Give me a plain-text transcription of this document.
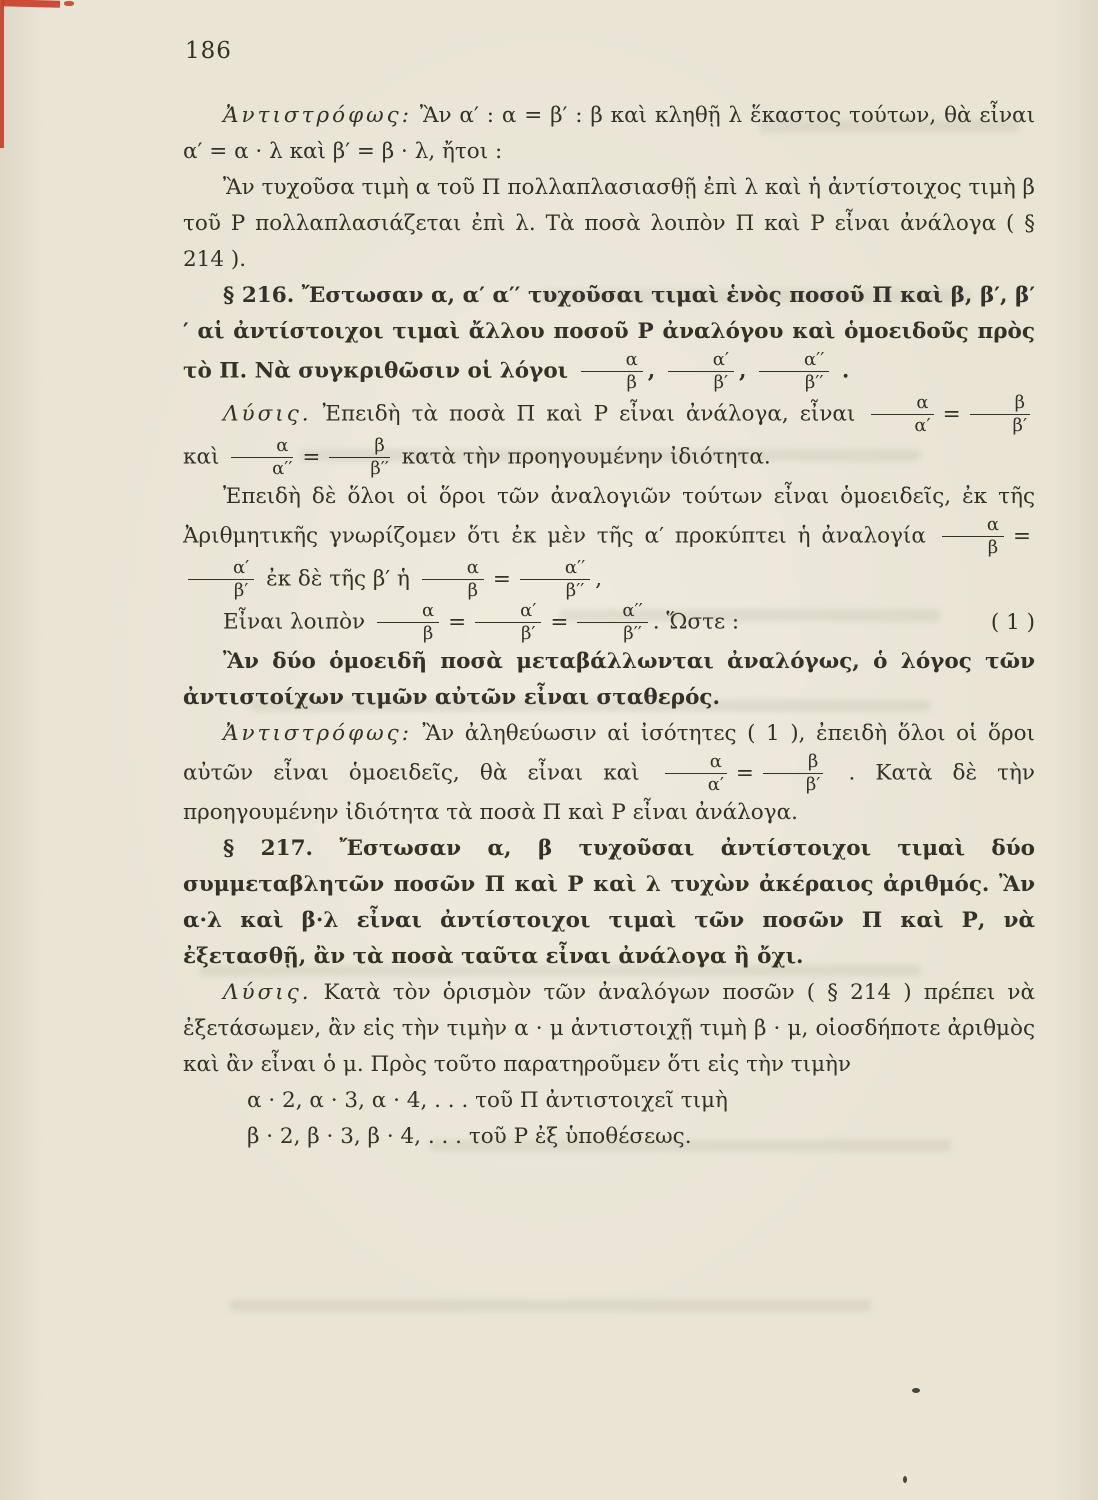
186

Ἀντιστρόφως: Ἂν α′ : α = β′ : β καὶ κληθῇ λ ἕκαστος τούτων, θὰ εἶναι α′ = α · λ καὶ β′ = β · λ, ἤτοι :

Ἂν τυχοῦσα τιμὴ α τοῦ Π πολλαπλασιασθῇ ἐπὶ λ καὶ ἡ ἀντίστοιχος τιμὴ β τοῦ Ρ πολλαπλασιάζεται ἐπὶ λ. Τὰ ποσὰ λοιπὸν Π καὶ Ρ εἶναι ἀνάλογα ( § 214 ).

§ 216. Ἔστωσαν α, α′ α′′ τυχοῦσαι τιμαὶ ἑνὸς ποσοῦ Π καὶ β, β′, β′′ αἱ ἀντίστοιχοι τιμαὶ ἄλλου ποσοῦ Ρ ἀναλόγου καὶ ὁμοειδοῦς πρὸς τὸ Π. Νὰ συγκριθῶσιν οἱ λόγοι $\frac{\alpha}{\beta}$ , $\frac{\alpha'}{\beta'}$ , $\frac{\alpha''}{\beta''}$ .

Λύσις. Ἐπειδὴ τὰ ποσὰ Π καὶ Ρ εἶναι ἀνάλογα, εἶναι $\frac{\alpha}{\alpha'} = \frac{\beta}{\beta'}$
καὶ $\frac{\alpha}{\alpha''} = \frac{\beta}{\beta''}$ κατὰ τὴν προηγουμένην ἰδιότητα.

Ἐπειδὴ δὲ ὅλοι οἱ ὅροι τῶν ἀναλογιῶν τούτων εἶναι ὁμοειδεῖς, ἐκ τῆς Ἀριθμητικῆς γνωρίζομεν ὅτι ἐκ μὲν τῆς α′ προκύπτει ἡ ἀναλογία $\frac{\alpha}{\beta}$ =
$\frac{\alpha'}{\beta'}$ ἐκ δὲ τῆς β′ ἡ $\frac{\alpha}{\beta} = \frac{\alpha''}{\beta''}$ ,

Εἶναι λοιπὸν $\frac{\alpha}{\beta} = \frac{\alpha'}{\beta'} = \frac{\alpha''}{\beta''}$ . Ὥστε :	( 1 )

Ἂν δύο ὁμοειδῆ ποσὰ μεταβάλλωνται ἀναλόγως, ὁ λόγος τῶν ἀντιστοίχων τιμῶν αὐτῶν εἶναι σταθερός.

Ἀντιστρόφως: Ἂν ἀληθεύωσιν αἱ ἰσότητες ( 1 ), ἐπειδὴ ὅλοι οἱ ὅροι αὐτῶν εἶναι ὁμοειδεῖς, θὰ εἶναι καὶ $\frac{\alpha}{\alpha'} = \frac{\beta}{\beta'}$ . Κατὰ δὲ τὴν προηγουμένην ἰδιότητα τὰ ποσὰ Π καὶ Ρ εἶναι ἀνάλογα.

§ 217. Ἔστωσαν α, β τυχοῦσαι ἀντίστοιχοι τιμαὶ δύο συμμεταβλητῶν ποσῶν Π καὶ Ρ καὶ λ τυχὼν ἀκέραιος ἀριθμός. Ἂν α·λ καὶ β·λ εἶναι ἀντίστοιχοι τιμαὶ τῶν ποσῶν Π καὶ Ρ, νὰ ἐξετασθῇ, ἂν τὰ ποσὰ ταῦτα εἶναι ἀνάλογα ἢ ὄχι.

Λύσις. Κατὰ τὸν ὁρισμὸν τῶν ἀναλόγων ποσῶν ( § 214 ) πρέπει νὰ ἐξετάσωμεν, ἂν εἰς τὴν τιμὴν α · μ ἀντιστοιχῇ τιμὴ β · μ, οἱοσδήποτε ἀριθμὸς καὶ ἂν εἶναι ὁ μ. Πρὸς τοῦτο παρατηροῦμεν ὅτι εἰς τὴν τιμὴν

α · 2, α · 3, α · 4, . . . τοῦ Π ἀντιστοιχεῖ τιμὴ

β · 2, β · 3, β · 4, . . . τοῦ Ρ ἐξ ὑποθέσεως.
